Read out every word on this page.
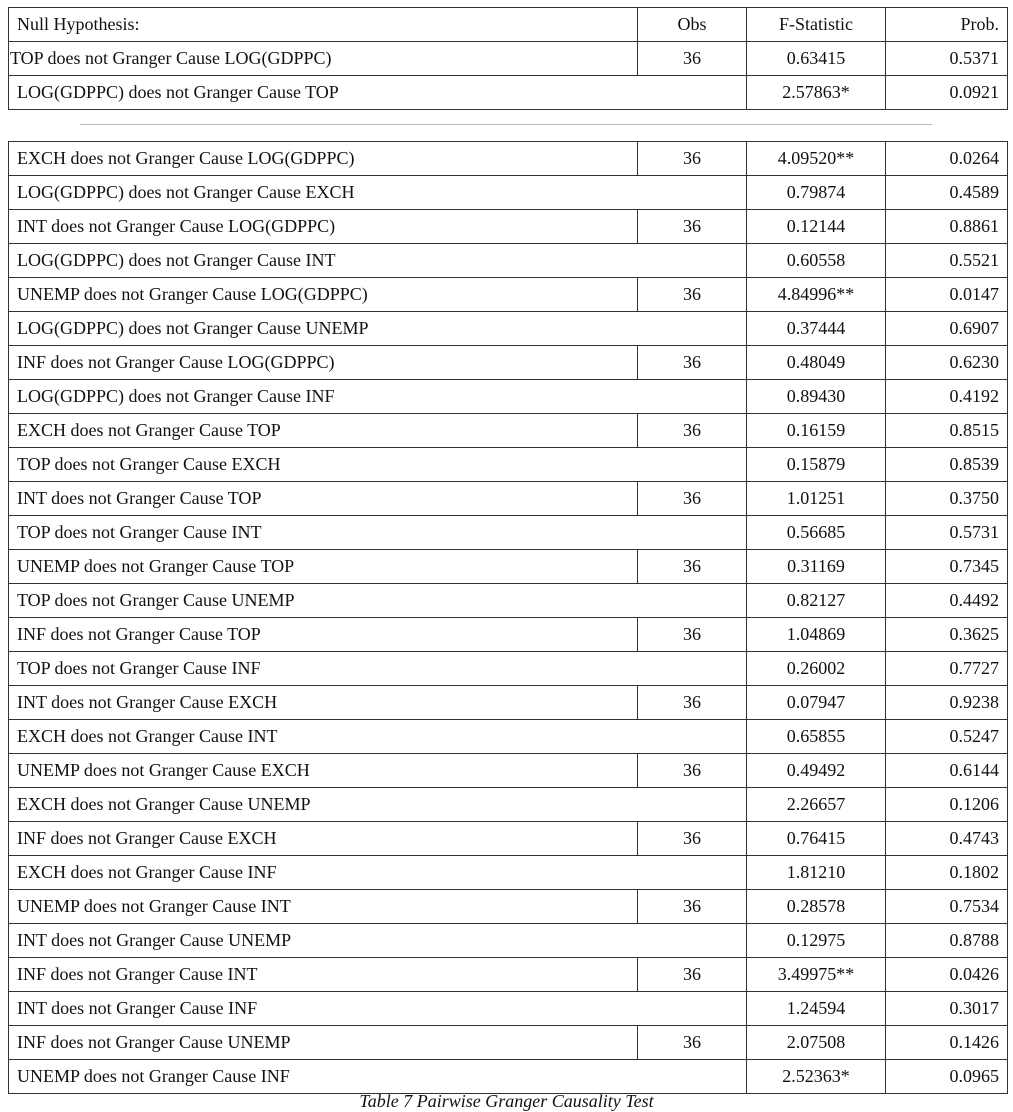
Null Hypothesis:	Obs	F-Statistic	Prob.
TOP does not Granger Cause LOG(GDPPC)	36	0.63415	0.5371
LOG(GDPPC) does not Granger Cause TOP		2.57863*	0.0921
EXCH does not Granger Cause LOG(GDPPC)	36	4.09520**	0.0264
LOG(GDPPC) does not Granger Cause EXCH		0.79874	0.4589
INT does not Granger Cause LOG(GDPPC)	36	0.12144	0.8861
LOG(GDPPC) does not Granger Cause INT		0.60558	0.5521
UNEMP does not Granger Cause LOG(GDPPC)	36	4.84996**	0.0147
LOG(GDPPC) does not Granger Cause UNEMP		0.37444	0.6907
INF does not Granger Cause LOG(GDPPC)	36	0.48049	0.6230
LOG(GDPPC) does not Granger Cause INF		0.89430	0.4192
EXCH does not Granger Cause TOP	36	0.16159	0.8515
TOP does not Granger Cause EXCH		0.15879	0.8539
INT does not Granger Cause TOP	36	1.01251	0.3750
TOP does not Granger Cause INT		0.56685	0.5731
UNEMP does not Granger Cause TOP	36	0.31169	0.7345
TOP does not Granger Cause UNEMP		0.82127	0.4492
INF does not Granger Cause TOP	36	1.04869	0.3625
TOP does not Granger Cause INF		0.26002	0.7727
INT does not Granger Cause EXCH	36	0.07947	0.9238
EXCH does not Granger Cause INT		0.65855	0.5247
UNEMP does not Granger Cause EXCH	36	0.49492	0.6144
EXCH does not Granger Cause UNEMP		2.26657	0.1206
INF does not Granger Cause EXCH	36	0.76415	0.4743
EXCH does not Granger Cause INF		1.81210	0.1802
UNEMP does not Granger Cause INT	36	0.28578	0.7534
INT does not Granger Cause UNEMP		0.12975	0.8788
INF does not Granger Cause INT	36	3.49975**	0.0426
INT does not Granger Cause INF		1.24594	0.3017
INF does not Granger Cause UNEMP	36	2.07508	0.1426
UNEMP does not Granger Cause INF		2.52363*	0.0965
Table 7 Pairwise Granger Causality Test
